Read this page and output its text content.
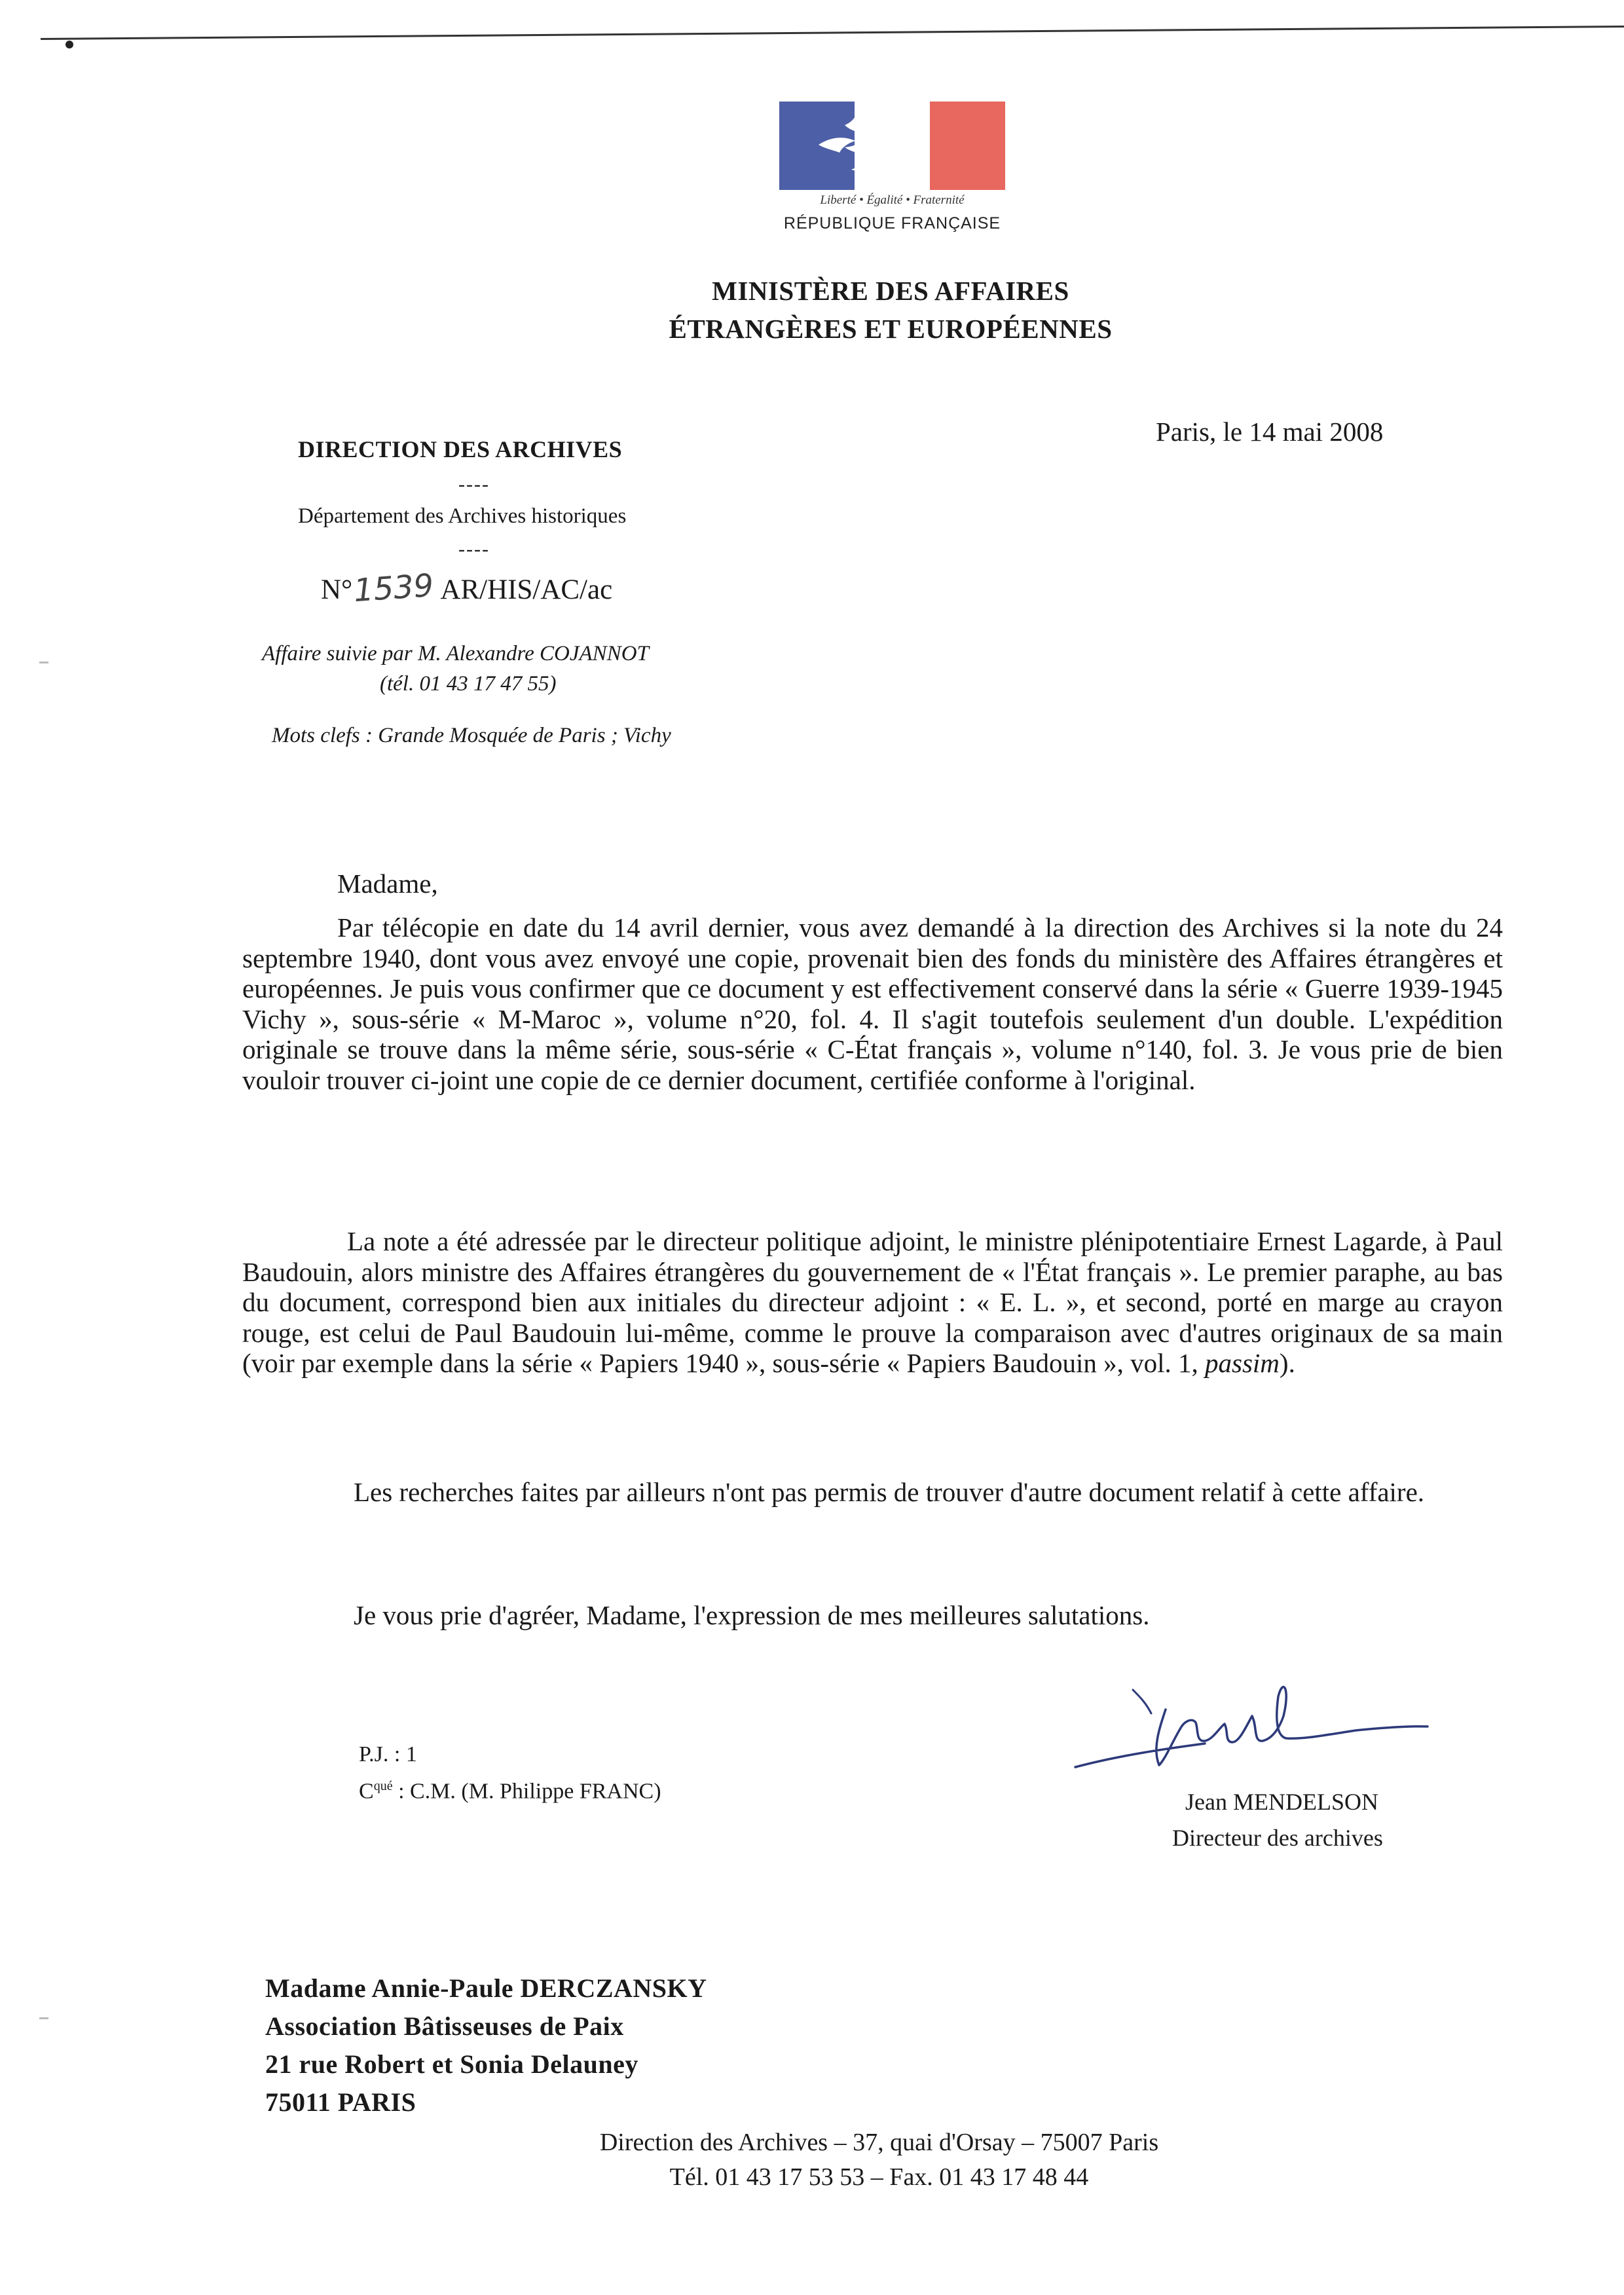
Liberté • Égalité • Fraternité
RÉPUBLIQUE FRANÇAISE
MINISTÈRE DES AFFAIRES
ÉTRANGÈRES ET EUROPÉENNES
Paris, le 14 mai 2008
DIRECTION DES ARCHIVES
----
Département des Archives historiques
----
N° 1539 AR/HIS/AC/ac
Affaire suivie par M. Alexandre COJANNOT
(tél. 01 43 17 47 55)
Mots clefs : Grande Mosquée de Paris ; Vichy
Madame,
Par télécopie en date du 14 avril dernier, vous avez demandé à la direction des Archives si la note du 24 septembre 1940, dont vous avez envoyé une copie, provenait bien des fonds du ministère des Affaires étrangères et européennes. Je puis vous confirmer que ce document y est effectivement conservé dans la série « Guerre 1939-1945 Vichy », sous-série « M-Maroc », volume n°20, fol. 4. Il s'agit toutefois seulement d'un double. L'expédition originale se trouve dans la même série, sous-série « C-État français », volume n°140, fol. 3. Je vous prie de bien vouloir trouver ci-joint une copie de ce dernier document, certifiée conforme à l'original.
La note a été adressée par le directeur politique adjoint, le ministre plénipotentiaire Ernest Lagarde, à Paul Baudouin, alors ministre des Affaires étrangères du gouvernement de « l'État français ». Le premier paraphe, au bas du document, correspond bien aux initiales du directeur adjoint : « E. L. », et second, porté en marge au crayon rouge, est celui de Paul Baudouin lui-même, comme le prouve la comparaison avec d'autres originaux de sa main (voir par exemple dans la série « Papiers 1940 », sous-série « Papiers Baudouin », vol. 1, passim).
Les recherches faites par ailleurs n'ont pas permis de trouver d'autre document relatif à cette affaire.
Je vous prie d'agréer, Madame, l'expression de mes meilleures salutations.
P.J. : 1
$C^{qué}$ : C.M. (M. Philippe FRANC)	Jean MENDELSON
Directeur des archives
Madame Annie-Paule DERCZANSKY
Association Bâtisseuses de Paix
21 rue Robert et Sonia Delauney
75011 PARIS
Direction des Archives – 37, quai d'Orsay – 75007 Paris
Tél. 01 43 17 53 53 – Fax. 01 43 17 48 44
